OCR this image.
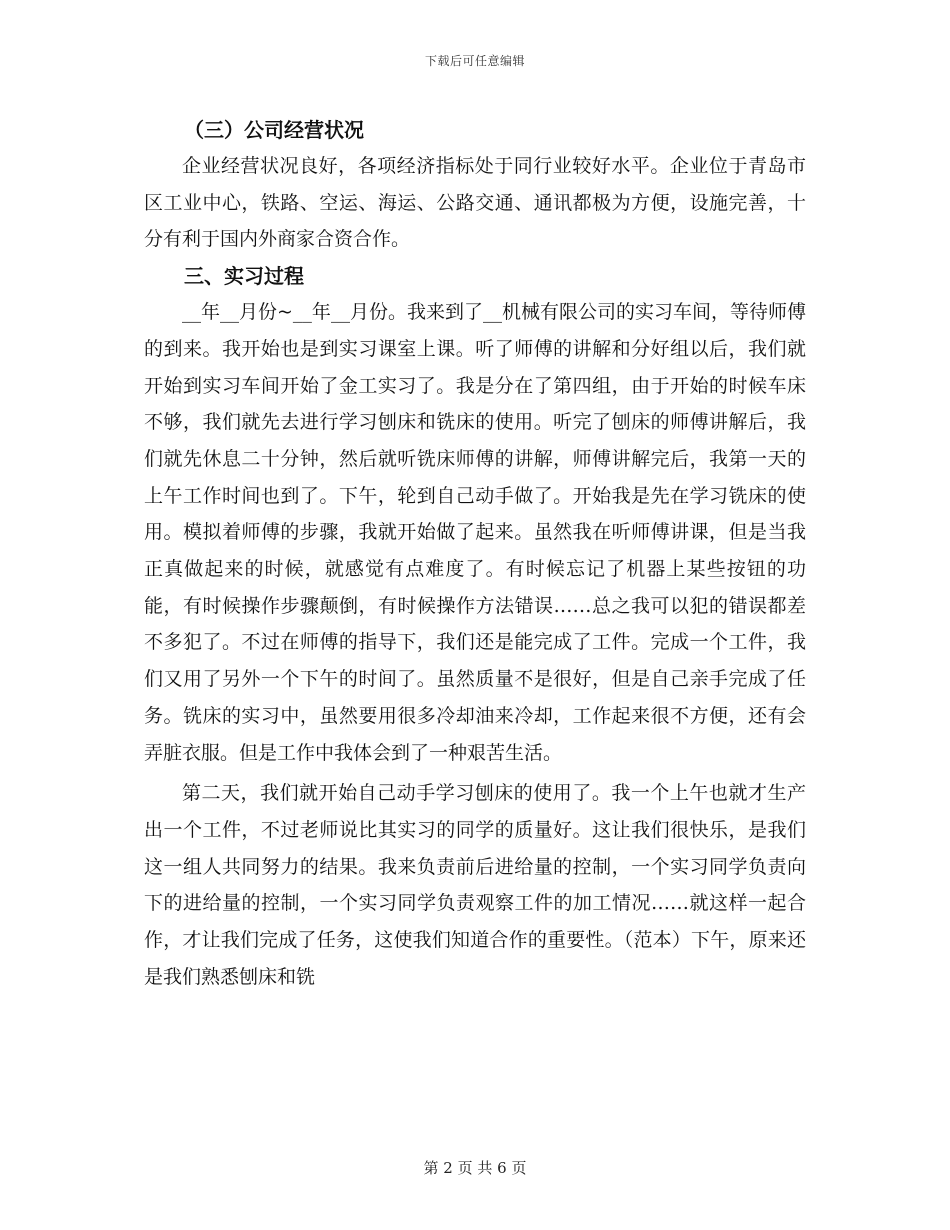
下载后可任意编辑
（三）公司经营状况

企业经营状况良好，各项经济指标处于同行业较好水平。企业位于青岛市区工业中心，铁路、空运、海运、公路交通、通讯都极为方便，设施完善，十分有利于国内外商家合资合作。

三、实习过程

__年__月份~__年__月份。我来到了__机械有限公司的实习车间，等待师傅的到来。我开始也是到实习课室上课。听了师傅的讲解和分好组以后，我们就开始到实习车间开始了金工实习了。我是分在了第四组，由于开始的时候车床不够，我们就先去进行学习刨床和铣床的使用。听完了刨床的师傅讲解后，我们就先休息二十分钟，然后就听铣床师傅的讲解，师傅讲解完后，我第一天的上午工作时间也到了。下午，轮到自己动手做了。开始我是先在学习铣床的使用。模拟着师傅的步骤，我就开始做了起来。虽然我在听师傅讲课，但是当我正真做起来的时候，就感觉有点难度了。有时候忘记了机器上某些按钮的功能，有时候操作步骤颠倒，有时候操作方法错误……总之我可以犯的错误都差不多犯了。不过在师傅的指导下，我们还是能完成了工件。完成一个工件，我们又用了另外一个下午的时间了。虽然质量不是很好，但是自己亲手完成了任务。铣床的实习中，虽然要用很多冷却油来冷却，工作起来很不方便，还有会弄脏衣服。但是工作中我体会到了一种艰苦生活。

第二天，我们就开始自己动手学习刨床的使用了。我一个上午也就才生产出一个工件，不过老师说比其实习的同学的质量好。这让我们很快乐，是我们这一组人共同努力的结果。我来负责前后进给量的控制，一个实习同学负责向下的进给量的控制，一个实习同学负责观察工件的加工情况……就这样一起合作，才让我们完成了任务，这使我们知道合作的重要性。（范本）下午，原来还是我们熟悉刨床和铣

第 2 页 共 6 页
